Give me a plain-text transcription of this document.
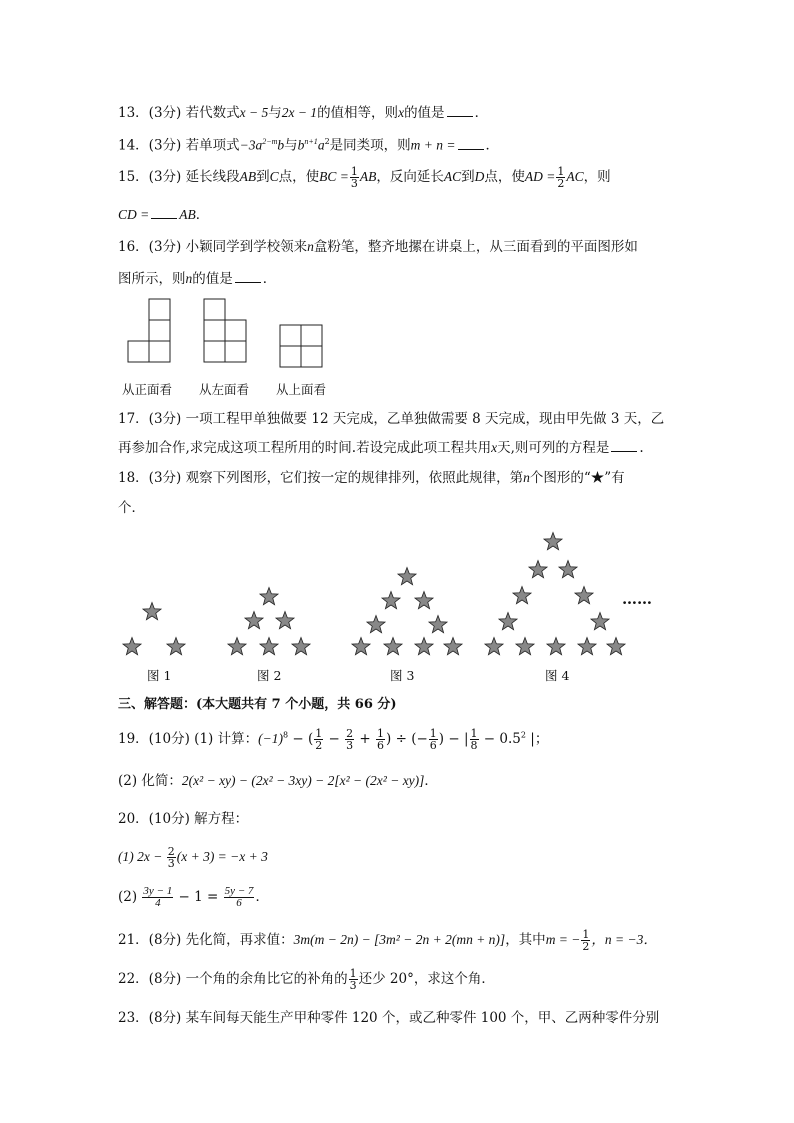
13．(3分) 若代数式x − 5与2x − 1的值相等，则x的值是 ．
14．(3分) 若单项式$-3a^{2-m}b$与$b^{n+1}a^2$是同类项，则m + n = ．
15．(3分) 延长线段AB到C点，使BC = $\frac{1}{3}$ AB，反向延长AC到D点，使AD = $\frac{1}{2}$ AC，则
CD = AB．
16．(3分) 小颖同学到学校领来n盒粉笔，整齐地摞在讲桌上，从三面看到的平面图形如
图所示，则n的值是 ．
从正面看 从左面看 从上面看
17．(3分) 一项工程甲单独做要 12 天完成，乙单独做需要 8 天完成，现由甲先做 3 天，乙
再参加合作,求完成这项工程所用的时间.若设完成此项工程共用x天,则可列的方程是 .
18．(3分) 观察下列图形，它们按一定的规律排列，依照此规律，第n个图形的“★”有
个．
图 1	图 2	图 3	图 4
……
三、解答题：(本大题共有 7 个小题，共 66 分)
19．(10分) (1) 计算：$(-1)^8$ − ( $\frac{1}{2} - \frac{2}{3} + \frac{1}{6}$ ) ÷ (− $\frac{1}{6}$ ) − | $\frac{1}{8} - 0.5^2$ |；
(2) 化简：2(x² − xy) − (2x² − 3xy) − 2[x² − (2x² − xy)]．
20．(10分) 解方程：
(1) $2x - \frac{2}{3} (x + 3) = -x + 3$
$(2) \frac{3y - 1}{4} - 1 = \frac{5y - 7}{6}$ ．
21．(8分) 先化简，再求值：3m(m − 2n) − [3m² − 2n + 2(mn + n)]，其中m = − $\frac{1}{2}$ ，n = −3．
22．(8分) 一个角的余角比它的补角的 $\frac{1}{3}$ 还少 20°，求这个角．
23．(8分) 某车间每天能生产甲种零件 120 个，或乙种零件 100 个，甲、乙两种零件分别
